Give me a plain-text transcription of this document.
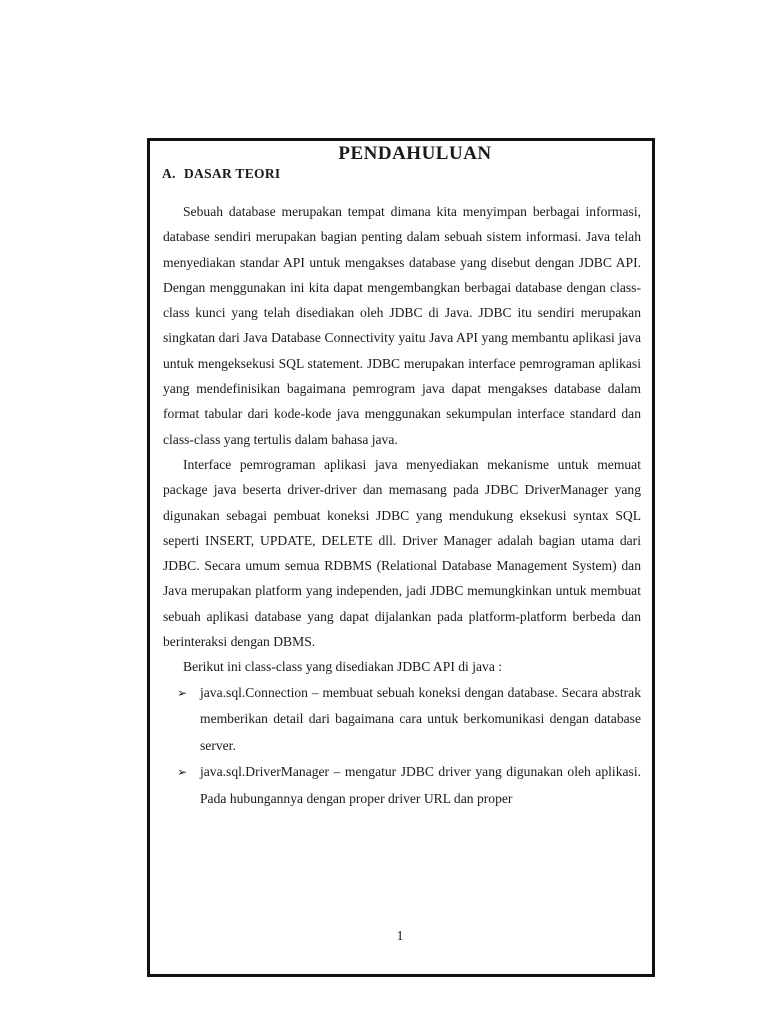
PENDAHULUAN
A. DASAR TEORI

Sebuah database merupakan tempat dimana kita menyimpan berbagai informasi, database sendiri merupakan bagian penting dalam sebuah sistem informasi. Java telah menyediakan standar API untuk mengakses database yang disebut dengan JDBC API. Dengan menggunakan ini kita dapat mengembangkan berbagai database dengan class-class kunci yang telah disediakan oleh JDBC di Java. JDBC itu sendiri merupakan singkatan dari Java Database Connectivity yaitu Java API yang membantu aplikasi java untuk mengeksekusi SQL statement. JDBC merupakan interface pemrograman aplikasi yang mendefinisikan bagaimana pemrogram java dapat mengakses database dalam format tabular dari kode-kode java menggunakan sekumpulan interface standard dan class-class yang tertulis dalam bahasa java.

Interface pemrograman aplikasi java menyediakan mekanisme untuk memuat package java beserta driver-driver dan memasang pada JDBC DriverManager yang digunakan sebagai pembuat koneksi JDBC yang mendukung eksekusi syntax SQL seperti INSERT, UPDATE, DELETE dll. Driver Manager adalah bagian utama dari JDBC. Secara umum semua RDBMS (Relational Database Management System) dan Java merupakan platform yang independen, jadi JDBC memungkinkan untuk membuat sebuah aplikasi database yang dapat dijalankan pada platform-platform berbeda dan berinteraksi dengan DBMS.

Berikut ini class-class yang disediakan JDBC API di java :

➢ java.sql.Connection – membuat sebuah koneksi dengan database. Secara abstrak memberikan detail dari bagaimana cara untuk berkomunikasi dengan database server.
➢ java.sql.DriverManager – mengatur JDBC driver yang digunakan oleh aplikasi. Pada hubungannya dengan proper driver URL dan proper

1
